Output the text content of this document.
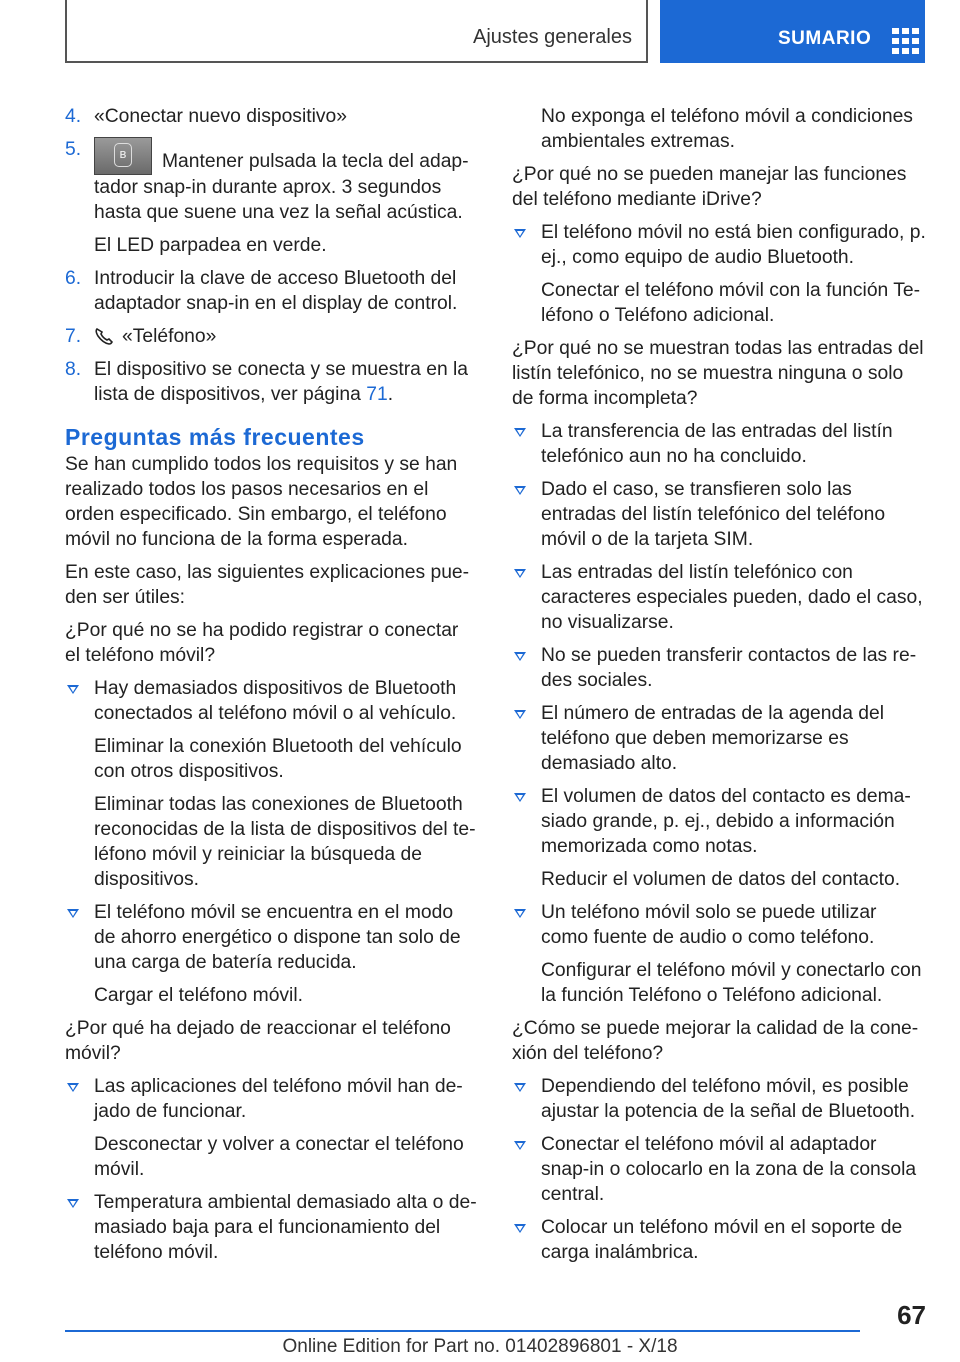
Ajustes generales	SUMARIO
4. «Conectar nuevo dispositivo»
5.	ʙ Mantener pulsada la tecla del adaptador snap-in durante aprox. 3 segundos hasta que suene una vez la señal acústica.

El LED parpadea en verde.

6. Introducir la clave de acceso Bluetooth del adaptador snap-in en el display de control.
7. «Teléfono»
8. El dispositivo se conecta y se muestra en la lista de dispositivos, ver página 71.
Preguntas más frecuentes

Se han cumplido todos los requisitos y se han realizado todos los pasos necesarios en el orden especificado. Sin embargo, el teléfono móvil no funciona de la forma esperada.

En este caso, las siguientes explicaciones pueden ser útiles:

¿Por qué no se ha podido registrar o conectar el teléfono móvil?

Hay demasiados dispositivos de Bluetooth conectados al teléfono móvil o al vehículo.

Eliminar la conexión Bluetooth del vehículo con otros dispositivos.

Eliminar todas las conexiones de Bluetooth reconocidas de la lista de dispositivos del teléfono móvil y reiniciar la búsqueda de dispositivos.

El teléfono móvil se encuentra en el modo de ahorro energético o dispone tan solo de una carga de batería reducida.

Cargar el teléfono móvil.

¿Por qué ha dejado de reaccionar el teléfono móvil?

Las aplicaciones del teléfono móvil han dejado de funcionar.

Desconectar y volver a conectar el teléfono móvil.

Temperatura ambiental demasiado alta o demasiado baja para el funcionamiento del teléfono móvil.

No exponga el teléfono móvil a condiciones ambientales extremas.

¿Por qué no se pueden manejar las funciones del teléfono mediante iDrive?

El teléfono móvil no está bien configurado, p. ej., como equipo de audio Bluetooth.

Conectar el teléfono móvil con la función Teléfono o Teléfono adicional.

¿Por qué no se muestran todas las entradas del listín telefónico, no se muestra ninguna o solo de forma incompleta?

La transferencia de las entradas del listín telefónico aun no ha concluido.
Dado el caso, se transfieren solo las entradas del listín telefónico del teléfono móvil o de la tarjeta SIM.
Las entradas del listín telefónico con caracteres especiales pueden, dado el caso, no visualizarse.
No se pueden transferir contactos de las redes sociales.
El número de entradas de la agenda del teléfono que deben memorizarse es demasiado alto.
El volumen de datos del contacto es demasiado grande, p. ej., debido a información memorizada como notas.

Reducir el volumen de datos del contacto.

Un teléfono móvil solo se puede utilizar como fuente de audio o como teléfono.

Configurar el teléfono móvil y conectarlo con la función Teléfono o Teléfono adicional.

¿Cómo se puede mejorar la calidad de la conexión del teléfono?

Dependiendo del teléfono móvil, es posible ajustar la potencia de la señal de Bluetooth.
Conectar el teléfono móvil al adaptador snap-in o colocarlo en la zona de la consola central.
Colocar un teléfono móvil en el soporte de carga inalámbrica.
67
Online Edition for Part no. 01402896801 - X/18
